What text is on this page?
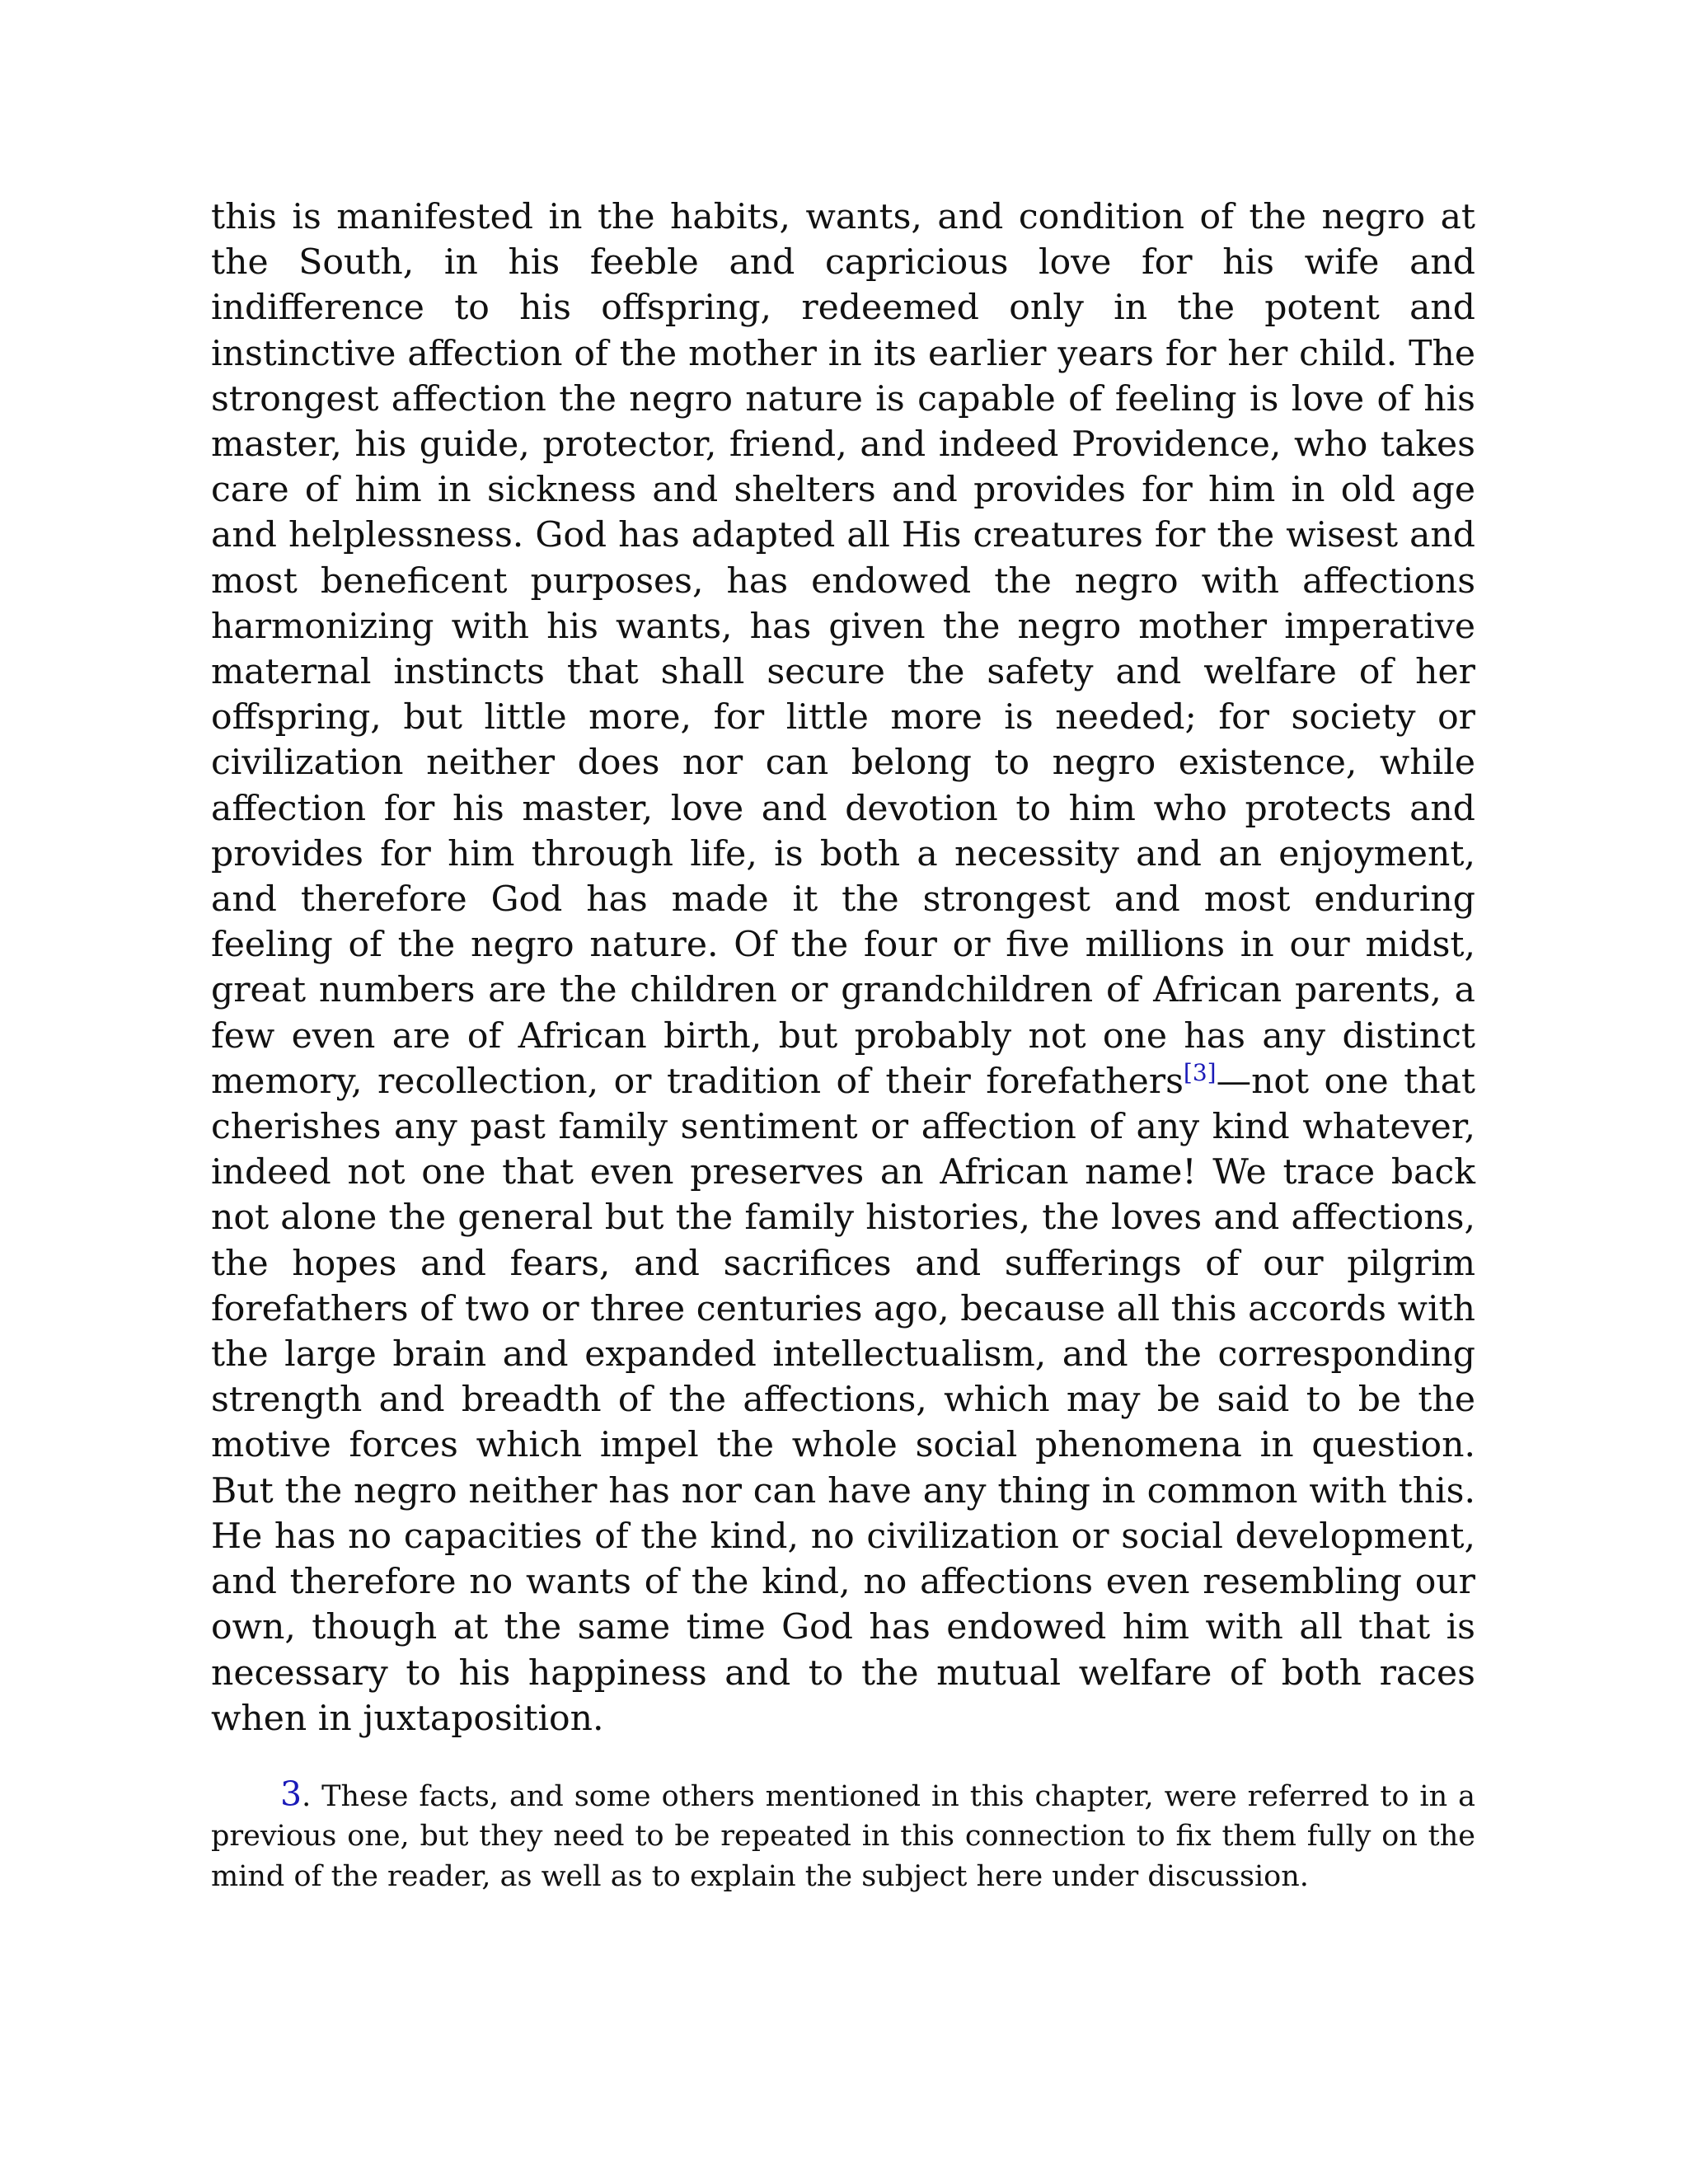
this is manifested in the habits, wants, and condition of the negro at the South, in his feeble and capricious love for his wife and indifference to his offspring, redeemed only in the potent and instinctive affection of the mother in its earlier years for her child. The strongest affection the negro nature is capable of feeling is love of his master, his guide, protector, friend, and indeed Providence, who takes care of him in sickness and shelters and provides for him in old age and helplessness. God has adapted all His creatures for the wisest and most beneficent purposes, has endowed the negro with affections harmonizing with his wants, has given the negro mother imperative maternal instincts that shall secure the safety and welfare of her offspring, but little more, for little more is needed; for society or civilization neither does nor can belong to negro existence, while affection for his master, love and devotion to him who protects and provides for him through life, is both a necessity and an enjoyment, and therefore God has made it the strongest and most enduring feeling of the negro nature. Of the four or five millions in our midst, great numbers are the children or grandchildren of African parents, a few even are of African birth, but probably not one has any distinct memory, recollection, or tradition of their forefathers[3]—not one that cherishes any past family sentiment or affection of any kind whatever, indeed not one that even preserves an African name! We trace back not alone the general but the family histories, the loves and affections, the hopes and fears, and sacrifices and sufferings of our pilgrim forefathers of two or three centuries ago, because all this accords with the large brain and expanded intellectualism, and the corresponding strength and breadth of the affections, which may be said to be the motive forces which impel the whole social phenomena in question. But the negro neither has nor can have any thing in common with this. He has no capacities of the kind, no civilization or social development, and therefore no wants of the kind, no affections even resembling our own, though at the same time God has endowed him with all that is necessary to his happiness and to the mutual welfare of both races when in juxtaposition.

3. These facts, and some others mentioned in this chapter, were referred to in a previous one, but they need to be repeated in this connection to fix them fully on the mind of the reader, as well as to explain the subject here under discussion.
